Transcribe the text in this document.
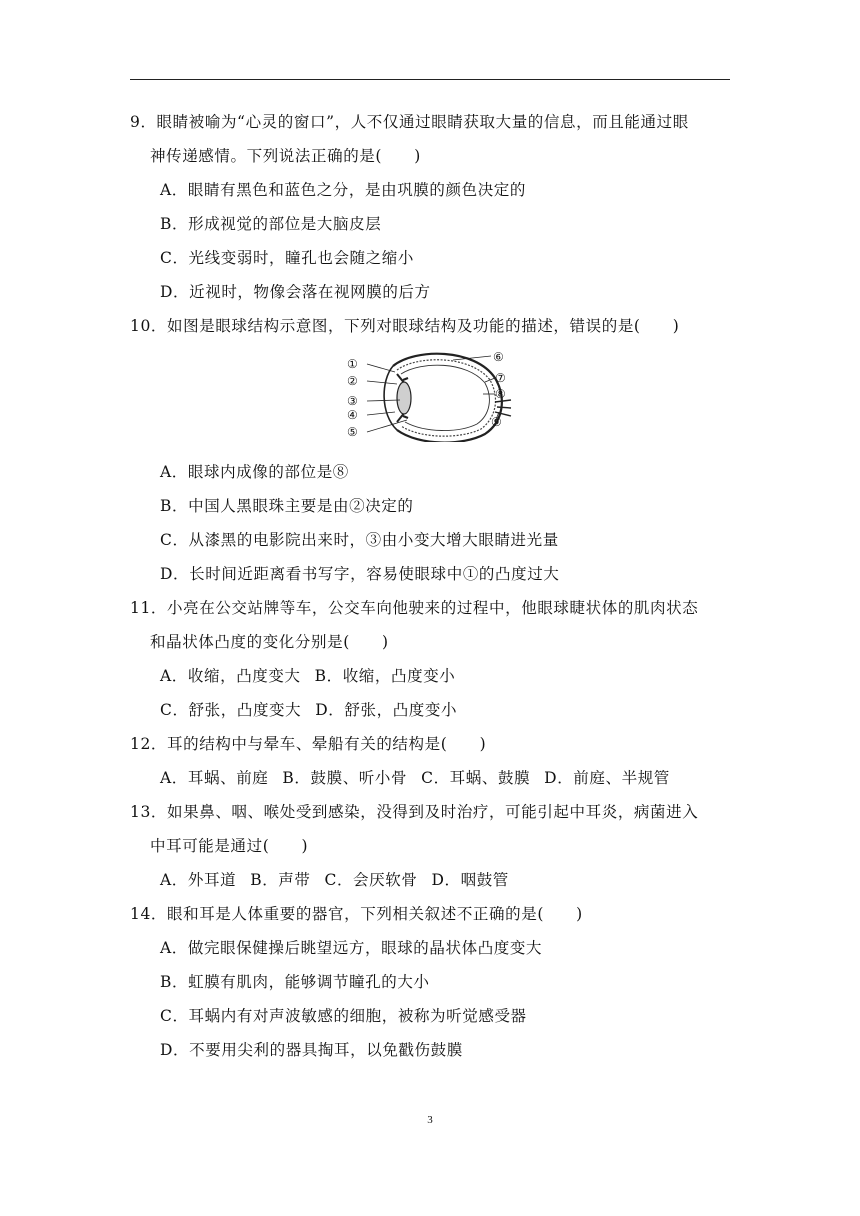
9．眼睛被喻为“心灵的窗口”，人不仅通过眼睛获取大量的信息，而且能通过眼
神传递感情。下列说法正确的是(　　)
A．眼睛有黑色和蓝色之分，是由巩膜的颜色决定的
B．形成视觉的部位是大脑皮层
C．光线变弱时，瞳孔也会随之缩小
D．近视时，物像会落在视网膜的后方
10．如图是眼球结构示意图，下列对眼球结构及功能的描述，错误的是(　　)
①
②
③
④
⑤
⑥
⑦
⑧
⑨
A．眼球内成像的部位是⑧
B．中国人黑眼珠主要是由②决定的
C．从漆黑的电影院出来时，③由小变大增大眼睛进光量
D．长时间近距离看书写字，容易使眼球中①的凸度过大
11．小亮在公交站牌等车，公交车向他驶来的过程中，他眼球睫状体的肌肉状态
和晶状体凸度的变化分别是(　　)
A．收缩，凸度变大 B．收缩，凸度变小
C．舒张，凸度变大 D．舒张，凸度变小
12．耳的结构中与晕车、晕船有关的结构是(　　)
A．耳蜗、前庭 B．鼓膜、听小骨 C．耳蜗、鼓膜 D．前庭、半规管
13．如果鼻、咽、喉处受到感染，没得到及时治疗，可能引起中耳炎，病菌进入
中耳可能是通过(　　)
A．外耳道 B．声带 C．会厌软骨 D．咽鼓管
14．眼和耳是人体重要的器官，下列相关叙述不正确的是(　　)
A．做完眼保健操后眺望远方，眼球的晶状体凸度变大
B．虹膜有肌肉，能够调节瞳孔的大小
C．耳蜗内有对声波敏感的细胞，被称为听觉感受器
D．不要用尖利的器具掏耳，以免戳伤鼓膜
3
